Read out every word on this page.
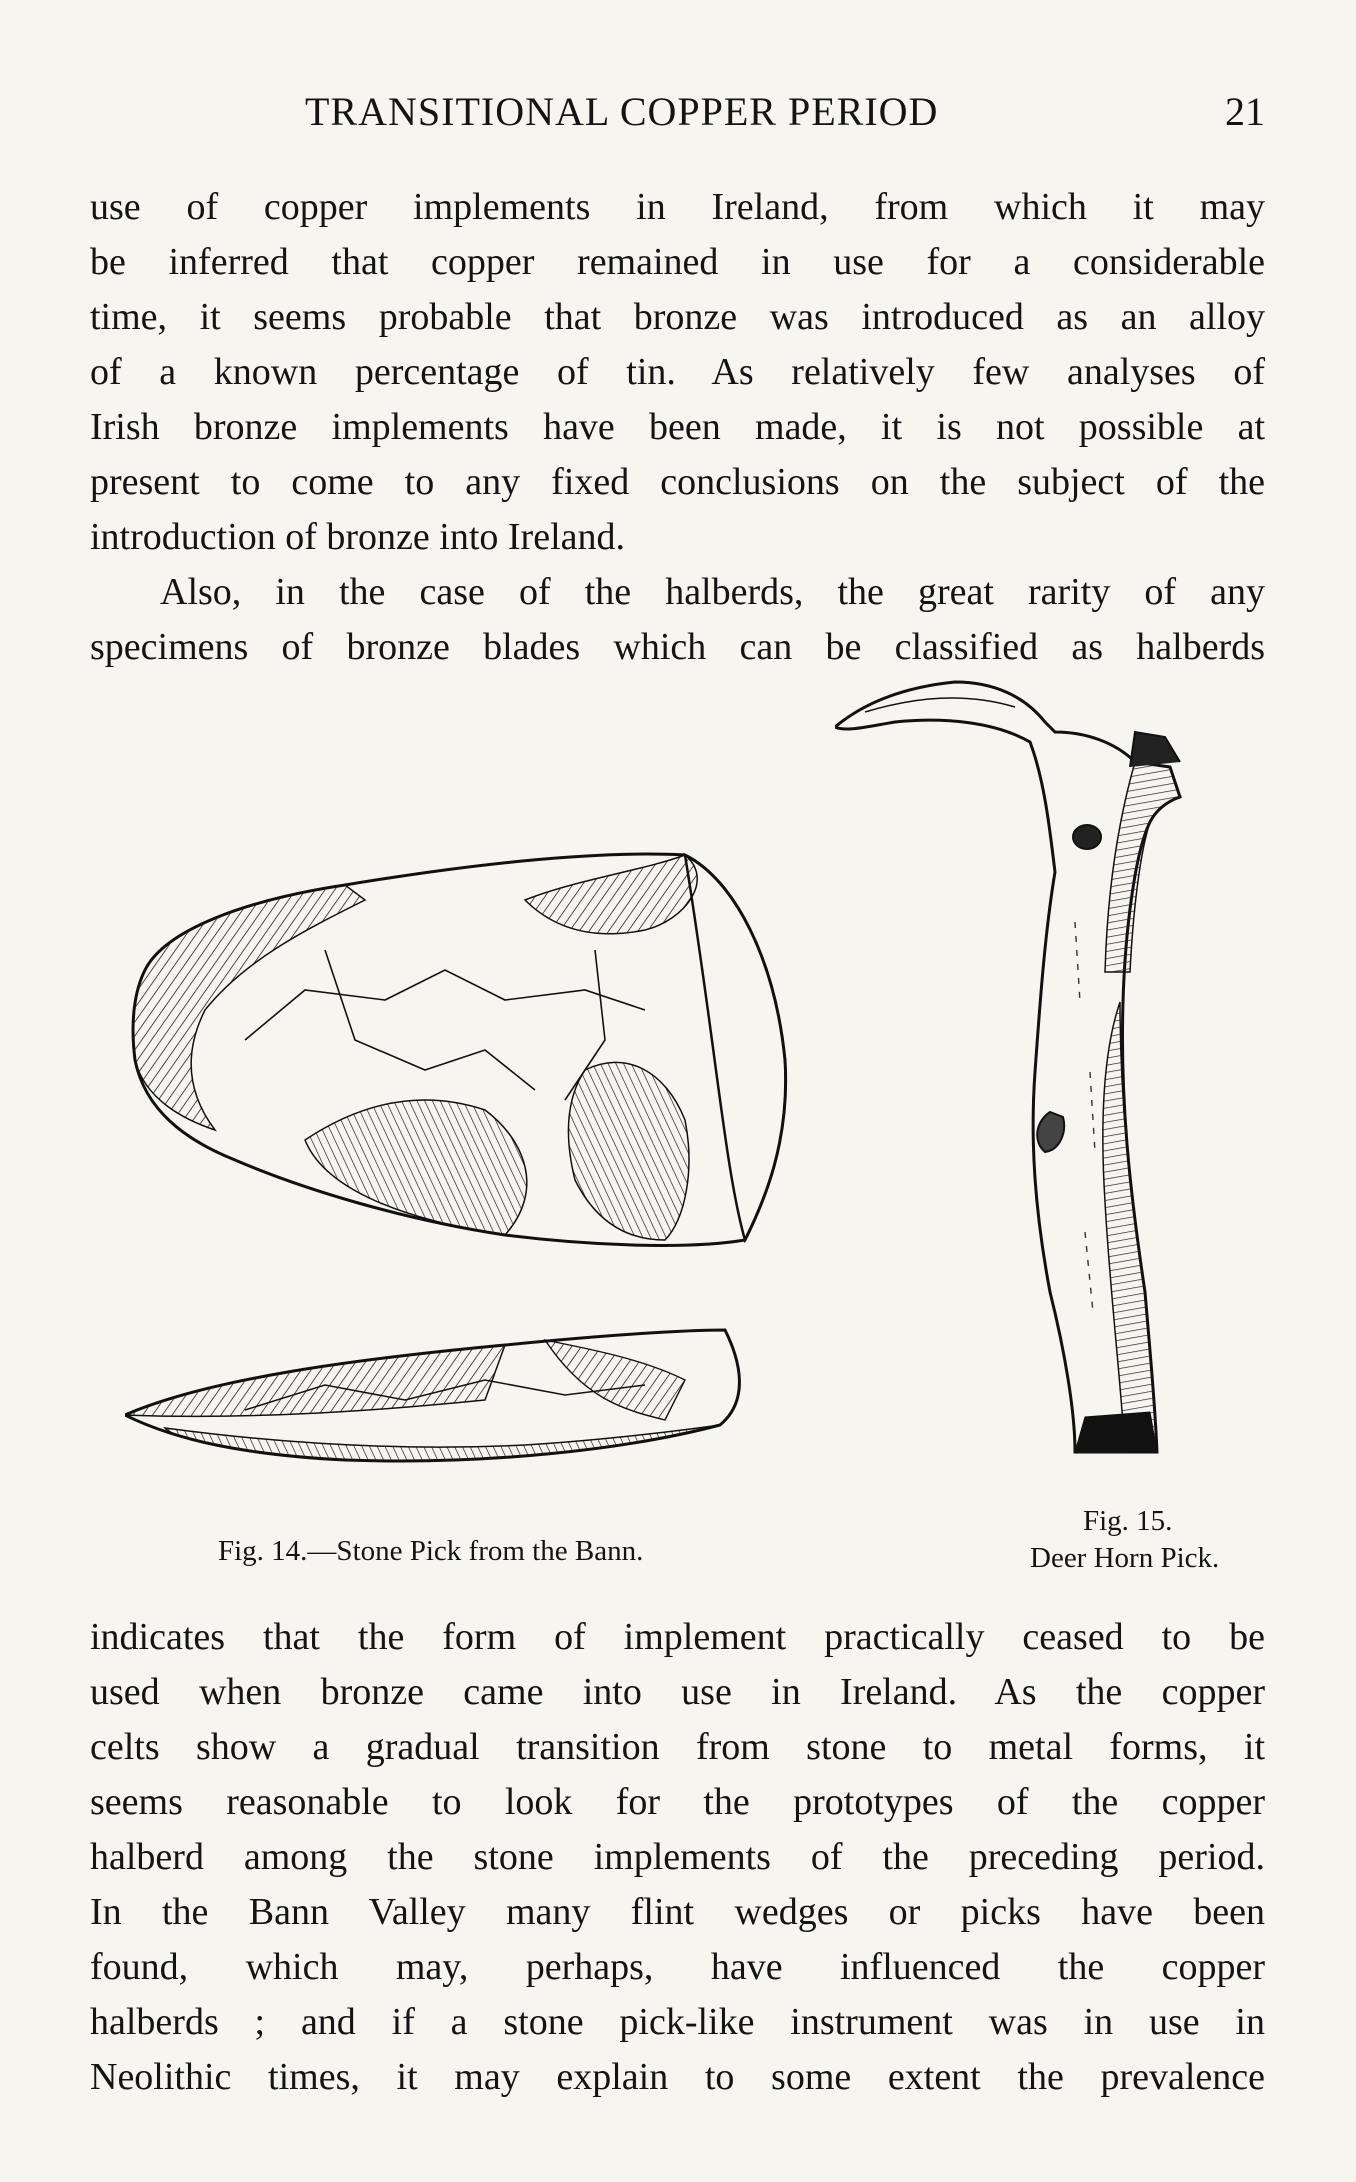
TRANSITIONAL COPPER PERIOD	21
use of copper implements in Ireland, from which it may
be inferred that copper remained in use for a considerable
time, it seems probable that bronze was introduced as an alloy
of a known percentage of tin. As relatively few analyses of
Irish bronze implements have been made, it is not possible at
present to come to any fixed conclusions on the subject of the
introduction of bronze into Ireland.
Also, in the case of the halberds, the great rarity of any
specimens of bronze blades which can be classified as halberds
Fig. 14.—Stone Pick from the Bann.
Fig. 15.
Deer Horn Pick.
indicates that the form of implement practically ceased to be
used when bronze came into use in Ireland. As the copper
celts show a gradual transition from stone to metal forms, it
seems reasonable to look for the prototypes of the copper
halberd among the stone implements of the preceding period.
In the Bann Valley many flint wedges or picks have been
found, which may, perhaps, have influenced the copper
halberds ; and if a stone pick-like instrument was in use in
Neolithic times, it may explain to some extent the prevalence
